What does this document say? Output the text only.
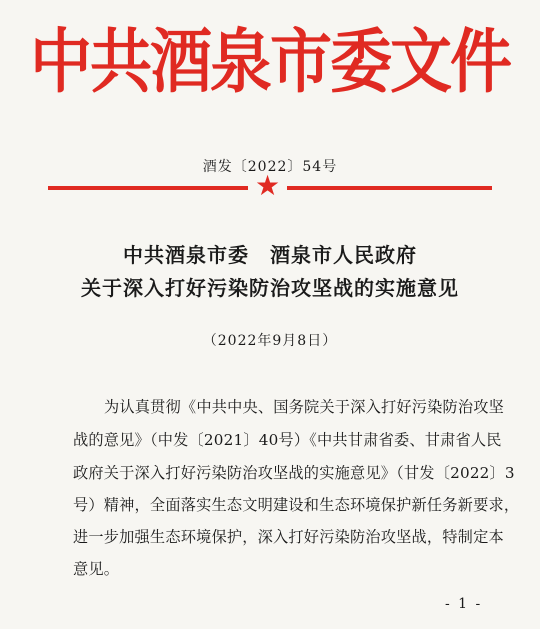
中共酒泉市委文件
酒发〔2022〕54号
★
中共酒泉市委　酒泉市人民政府
关于深入打好污染防治攻坚战的实施意见
（2022年9月8日）
为认真贯彻《中共中央、国务院关于深入打好污染防治攻坚
战的意见》（中发〔2021〕40号）《中共甘肃省委、甘肃省人民
政府关于深入打好污染防治攻坚战的实施意见》（甘发〔2022〕3
号）精神，全面落实生态文明建设和生态环境保护新任务新要求，
进一步加强生态环境保护，深入打好污染防治攻坚战，特制定本
意见。
- 1 -
